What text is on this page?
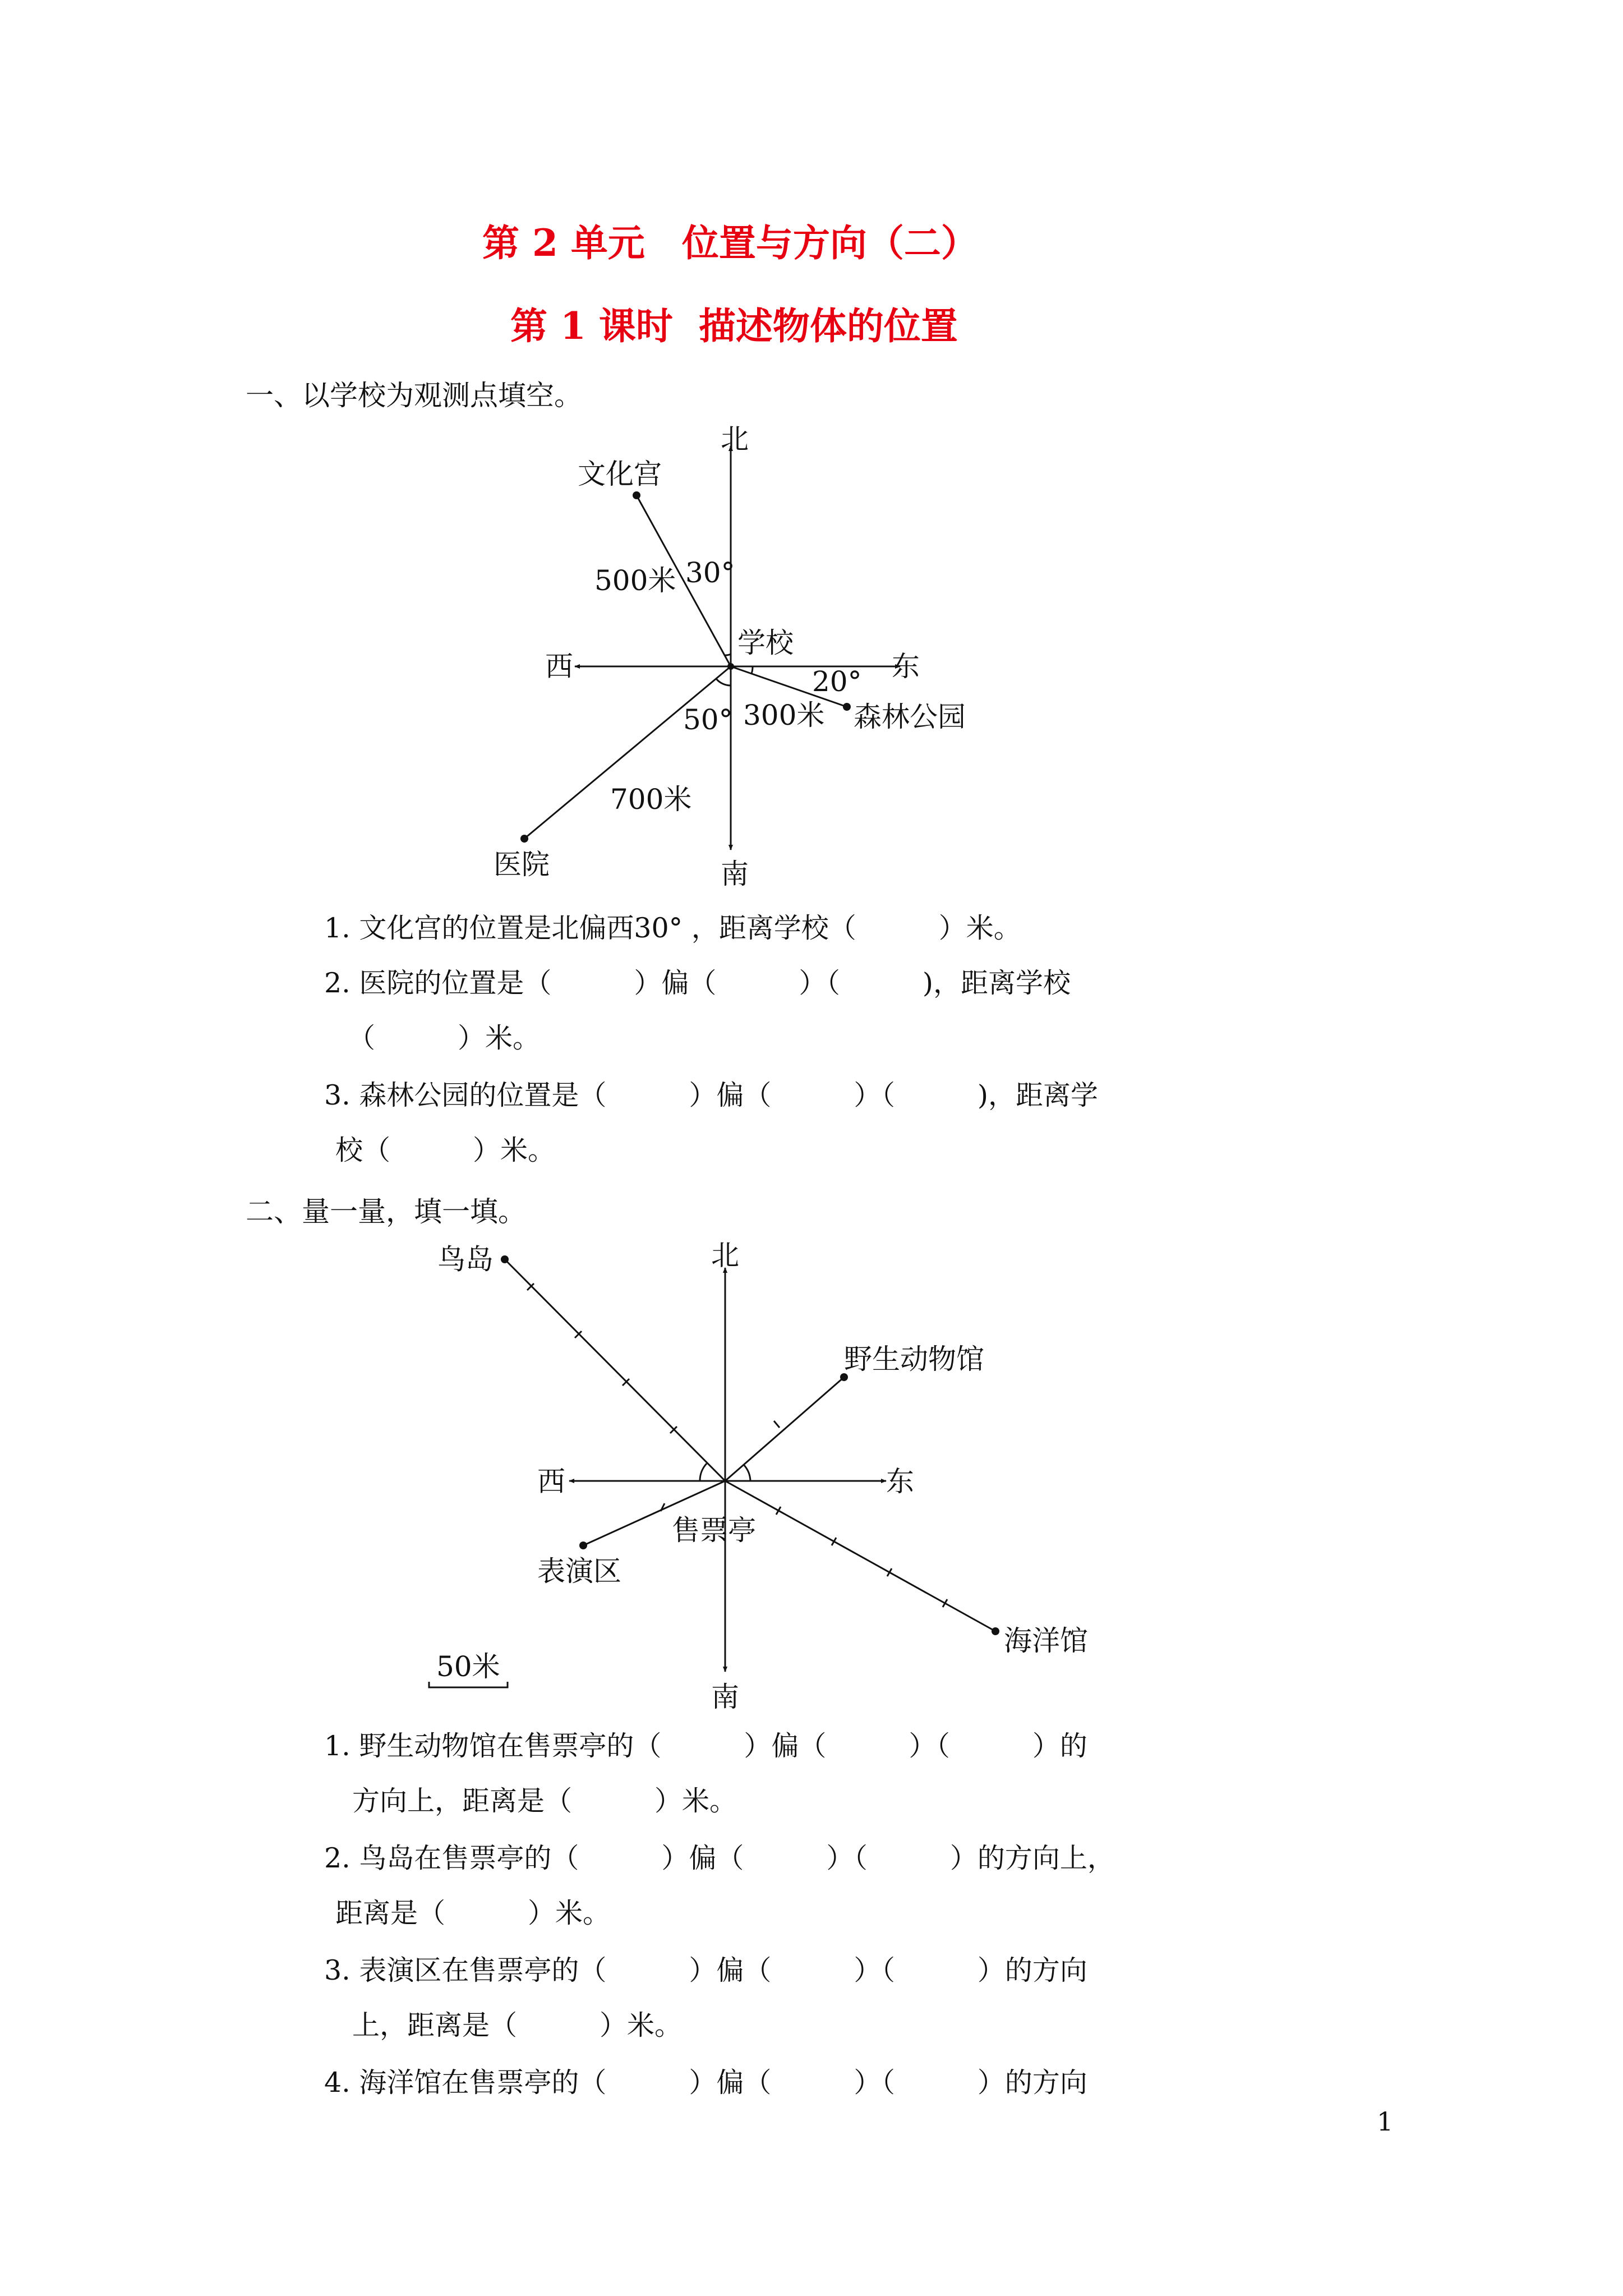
第 2 单元　位置与方向（二）
第 1 课时  描述物体的位置
一、以学校为观测点填空。
北
南
东
西
学校
文化宫
500米 30°
森林公园
300米
20°
医院
700米
50°
1. 文化宫的位置是北偏西30° ，距离学校（　　　）米。
2. 医院的位置是（　　　）偏（　　　）（　　　)，距离学校
（　　　）米。
3. 森林公园的位置是（　　　）偏（　　　）（　　　)，距离学
校（　　　）米。
二、量一量，填一填。
北
南
东
西
售票亭
鸟岛
野生动物馆
表演区
海洋馆
50米
1. 野生动物馆在售票亭的（　　　）偏（　　　）（　　　）的
方向上，距离是（　　　）米。
2. 鸟岛在售票亭的（　　　）偏（　　　）（　　　）的方向上，
距离是（　　　）米。
3. 表演区在售票亭的（　　　）偏（　　　）（　　　）的方向
上，距离是（　　　）米。
4. 海洋馆在售票亭的（　　　）偏（　　　）（　　　）的方向
1
